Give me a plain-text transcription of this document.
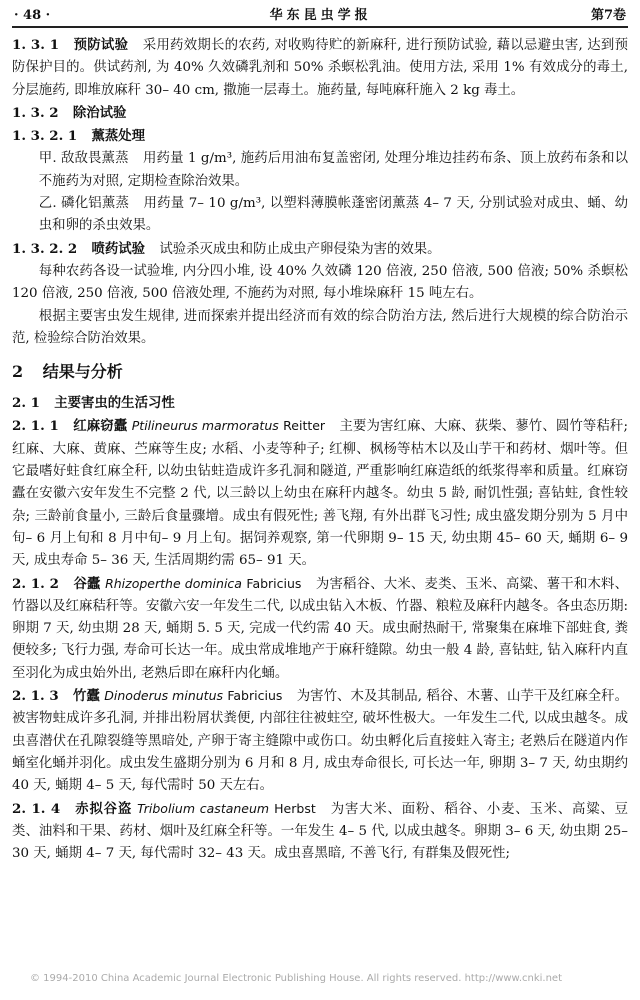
· 48 ·	华东昆虫学报	第7卷

1. 3. 1 预防试验 采用药效期长的农药, 对收购待贮的新麻秆, 进行预防试验, 藉以忌避虫害, 达到预防保护目的。供试药剂, 为 40% 久效磷乳剂和 50% 杀螟松乳油。使用方法, 采用 1% 有效成分的毒土, 分层施药, 即堆放麻秆 30– 40 cm, 撒施一层毒土。施药量, 每吨麻秆施入 2 kg 毒土。

1. 3. 2 除治试验

1. 3. 2. 1 薰蒸处理

甲. 敌敌畏薰蒸 用药量 1 g/m³, 施药后用油布复盖密闭, 处理分堆边挂药布条、顶上放药布条和以不施药为对照, 定期检查除治效果。

乙. 磷化铝薰蒸 用药量 7– 10 g/m³, 以塑料薄膜帐蓬密闭薰蒸 4– 7 天, 分别试验对成虫、蛹、幼虫和卵的杀虫效果。

1. 3. 2. 2 喷药试验 试验杀灭成虫和防止成虫产卵侵染为害的效果。

每种农药各设一试验堆, 内分四小堆, 设 40% 久效磷 120 倍液, 250 倍液, 500 倍液; 50% 杀螟松 120 倍液, 250 倍液, 500 倍液处理, 不施药为对照, 每小堆垛麻秆 15 吨左右。

根据主要害虫发生规律, 进而探索并提出经济而有效的综合防治方法, 然后进行大规模的综合防治示范, 检验综合防治效果。

2 结果与分析

2. 1 主要害虫的生活习性

2. 1. 1 红麻窃蠹 Ptilineurus marmoratus Reitter 主要为害红麻、大麻、荻柴、蓼竹、圆竹等秸秆; 红麻、大麻、黄麻、苎麻等生皮; 水稻、小麦等种子; 红柳、枫杨等枯木以及山芋干和药材、烟叶等。但它最嗜好蛀食红麻全秆, 以幼虫钻蛀造成许多孔洞和隧道, 严重影响红麻造纸的纸浆得率和质量。红麻窃蠹在安徽六安年发生不完整 2 代, 以三龄以上幼虫在麻秆内越冬。幼虫 5 龄, 耐饥性强; 喜钻蛀, 食性较杂; 三龄前食量小, 三龄后食量骤增。成虫有假死性; 善飞翔, 有外出群飞习性; 成虫盛发期分别为 5 月中旬– 6 月上旬和 8 月中旬– 9 月上旬。据饲养观察, 第一代卵期 9– 15 天, 幼虫期 45– 60 天, 蛹期 6– 9 天, 成虫寿命 5– 36 天, 生活周期约需 65– 91 天。

2. 1. 2 谷蠹 Rhizoperthe dominica Fabricius 为害稻谷、大米、麦类、玉米、高粱、薯干和木料、竹器以及红麻秸秆等。安徽六安一年发生二代, 以成虫钻入木板、竹器、粮粒及麻秆内越冬。各虫态历期: 卵期 7 天, 幼虫期 28 天, 蛹期 5. 5 天, 完成一代约需 40 天。成虫耐热耐干, 常聚集在麻堆下部蛀食, 粪便较多; 飞行力强, 寿命可长达一年。成虫常成堆地产于麻秆缝隙。幼虫一般 4 龄, 喜钻蛀, 钻入麻秆内直至羽化为成虫始外出, 老熟后即在麻秆内化蛹。

2. 1. 3 竹蠹 Dinoderus minutus Fabricius 为害竹、木及其制品, 稻谷、木薯、山芋干及红麻全秆。被害物蛀成许多孔洞, 并排出粉屑状粪便, 内部往往被蛀空, 破坏性极大。一年发生二代, 以成虫越冬。成虫喜潜伏在孔隙裂缝等黑暗处, 产卵于寄主缝隙中或伤口。幼虫孵化后直接蛀入寄主; 老熟后在隧道内作蛹室化蛹并羽化。成虫发生盛期分别为 6 月和 8 月, 成虫寿命很长, 可长达一年, 卵期 3– 7 天, 幼虫期约 40 天, 蛹期 4– 5 天, 每代需时 50 天左右。

2. 1. 4 赤拟谷盗 Tribolium castaneum Herbst 为害大米、面粉、稻谷、小麦、玉米、高粱、豆类、油料和干果、药材、烟叶及红麻全秆等。一年发生 4– 5 代, 以成虫越冬。卵期 3– 6 天, 幼虫期 25– 30 天, 蛹期 4– 7 天, 每代需时 32– 43 天。成虫喜黑暗, 不善飞行, 有群集及假死性;

© 1994-2010 China Academic Journal Electronic Publishing House. All rights reserved. http://www.cnki.net
